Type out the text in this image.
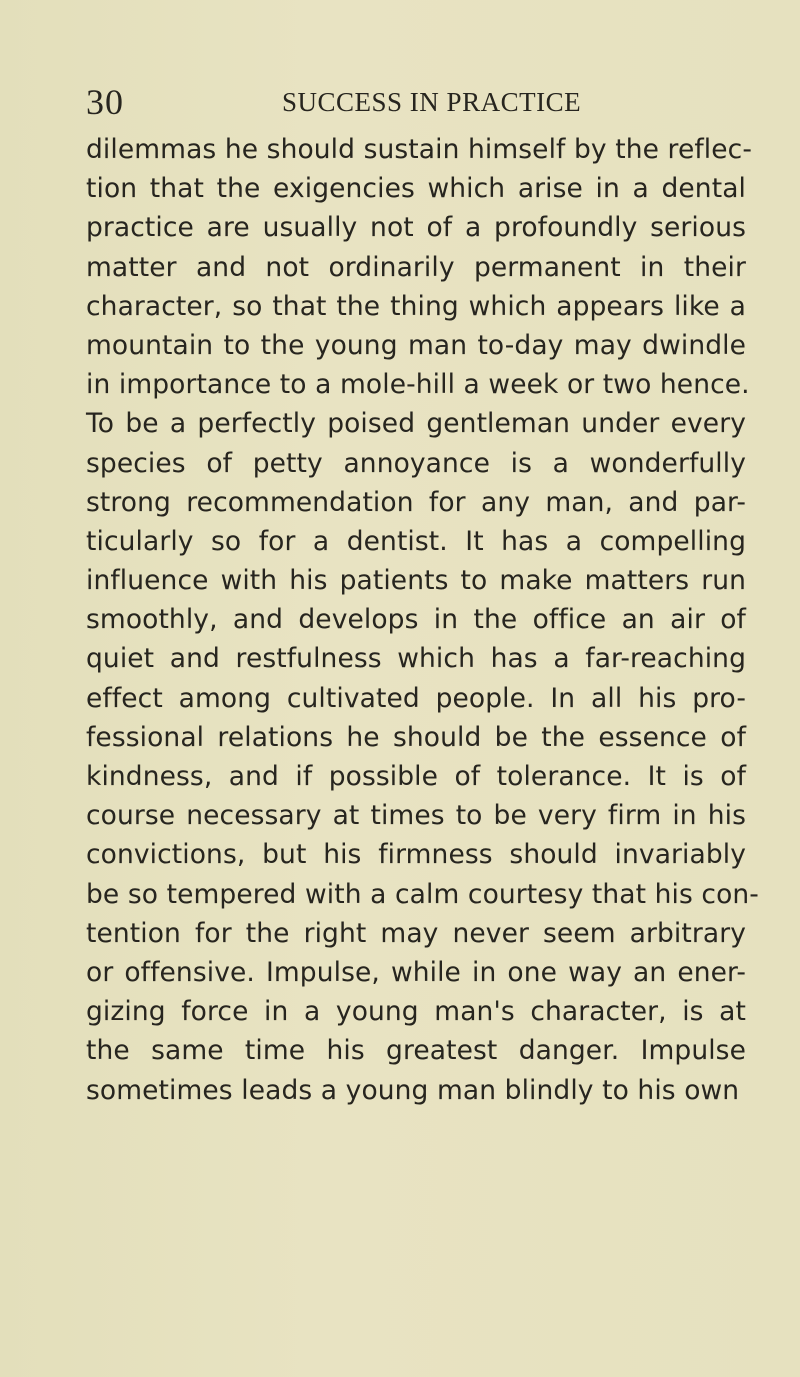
30	SUCCESS IN PRACTICE
dilemmas he should sustain himself by the reflec-
tion that the exigencies which arise in a dental
practice are usually not of a profoundly serious
matter and not ordinarily permanent in their
character, so that the thing which appears like a
mountain to the young man to-day may dwindle
in importance to a mole-hill a week or two hence.
To be a perfectly poised gentleman under every
species of petty annoyance is a wonderfully
strong recommendation for any man, and par-
ticularly so for a dentist. It has a compelling
influence with his patients to make matters run
smoothly, and develops in the office an air of
quiet and restfulness which has a far-reaching
effect among cultivated people. In all his pro-
fessional relations he should be the essence of
kindness, and if possible of tolerance. It is of
course necessary at times to be very firm in his
convictions, but his firmness should invariably
be so tempered with a calm courtesy that his con-
tention for the right may never seem arbitrary
or offensive. Impulse, while in one way an ener-
gizing force in a young man's character, is at
the same time his greatest danger. Impulse
sometimes leads a young man blindly to his own
